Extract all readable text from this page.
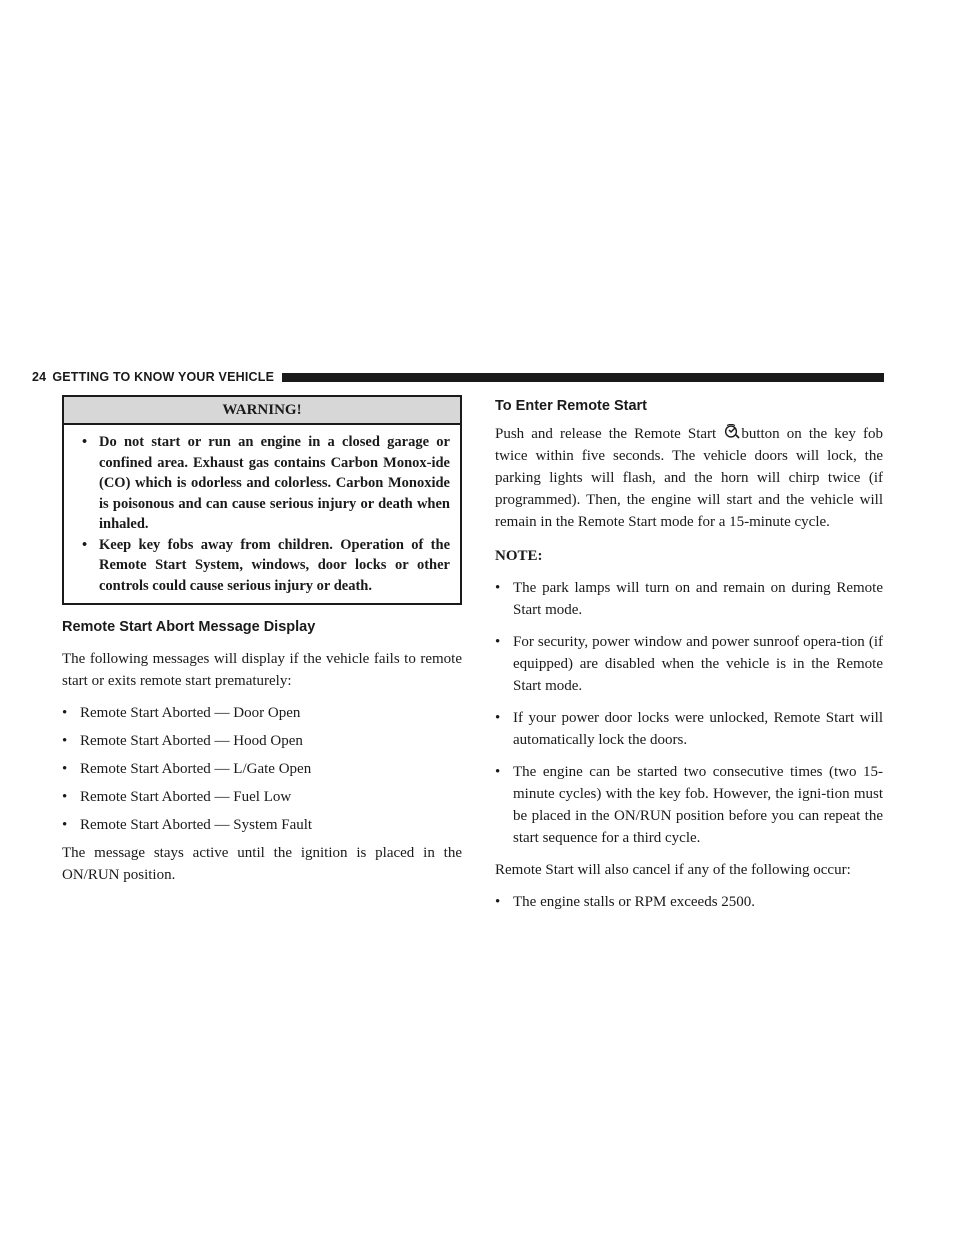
24 GETTING TO KNOW YOUR VEHICLE
WARNING!
• Do not start or run an engine in a closed garage or confined area. Exhaust gas contains Carbon Monox-ide (CO) which is odorless and colorless. Carbon Monoxide is poisonous and can cause serious injury or death when inhaled.
• Keep key fobs away from children. Operation of the Remote Start System, windows, door locks or other controls could cause serious injury or death.
Remote Start Abort Message Display

The following messages will display if the vehicle fails to remote start or exits remote start prematurely:

• Remote Start Aborted — Door Open
• Remote Start Aborted — Hood Open
• Remote Start Aborted — L/Gate Open
• Remote Start Aborted — Fuel Low
• Remote Start Aborted — System Fault

The message stays active until the ignition is placed in the ON/RUN position.

To Enter Remote Start

Push and release the Remote Start button on the key fob twice within five seconds. The vehicle doors will lock, the parking lights will flash, and the horn will chirp twice (if programmed). Then, the engine will start and the vehicle will remain in the Remote Start mode for a 15-minute cycle.

NOTE:

• The park lamps will turn on and remain on during Remote Start mode.
• For security, power window and power sunroof opera-tion (if equipped) are disabled when the vehicle is in the Remote Start mode.
• If your power door locks were unlocked, Remote Start will automatically lock the doors.
• The engine can be started two consecutive times (two 15-minute cycles) with the key fob. However, the igni-tion must be placed in the ON/RUN position before you can repeat the start sequence for a third cycle.

Remote Start will also cancel if any of the following occur:

• The engine stalls or RPM exceeds 2500.
